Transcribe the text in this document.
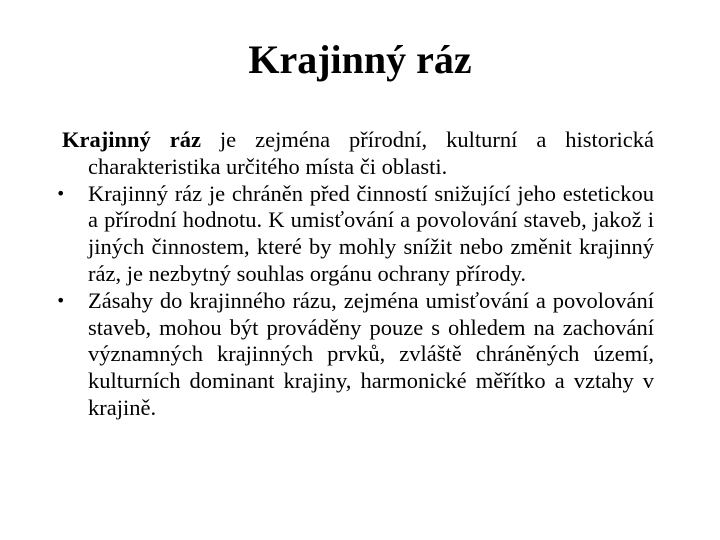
Krajinný ráz

Krajinný ráz je zejména přírodní, kulturní a historická charakteristika určitého místa či oblasti.

• Krajinný ráz je chráněn před činností snižující jeho estetickou a přírodní hodnotu. K umisťování a povolování staveb, jakož i jiných činnostem, které by mohly snížit nebo změnit krajinný ráz, je nezbytný souhlas orgánu ochrany přírody.

• Zásahy do krajinného rázu, zejména umisťování a povolování staveb, mohou být prováděny pouze s ohledem na zachování významných krajinných prvků, zvláště chráněných území, kulturních dominant krajiny, harmonické měřítko a vztahy v krajině.
